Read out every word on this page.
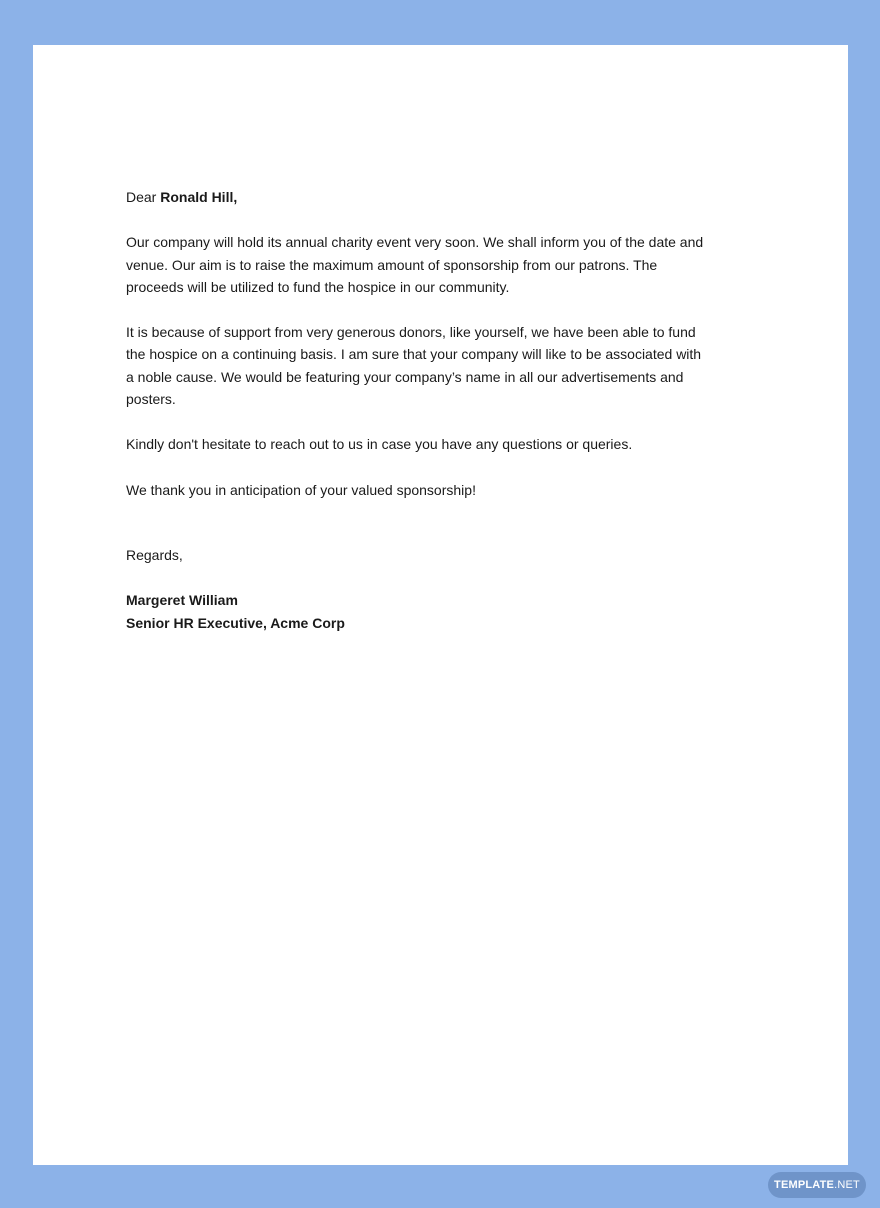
Dear Ronald Hill,

Our company will hold its annual charity event very soon. We shall inform you of the date and
venue. Our aim is to raise the maximum amount of sponsorship from our patrons. The
proceeds will be utilized to fund the hospice in our community.

It is because of support from very generous donors, like yourself, we have been able to fund
the hospice on a continuing basis. I am sure that your company will like to be associated with
a noble cause. We would be featuring your company’s name in all our advertisements and
posters.

Kindly don't hesitate to reach out to us in case you have any questions or queries.

We thank you in anticipation of your valued sponsorship!

Regards,

Margeret William
Senior HR Executive, Acme Corp

TEMPLATE.NET
